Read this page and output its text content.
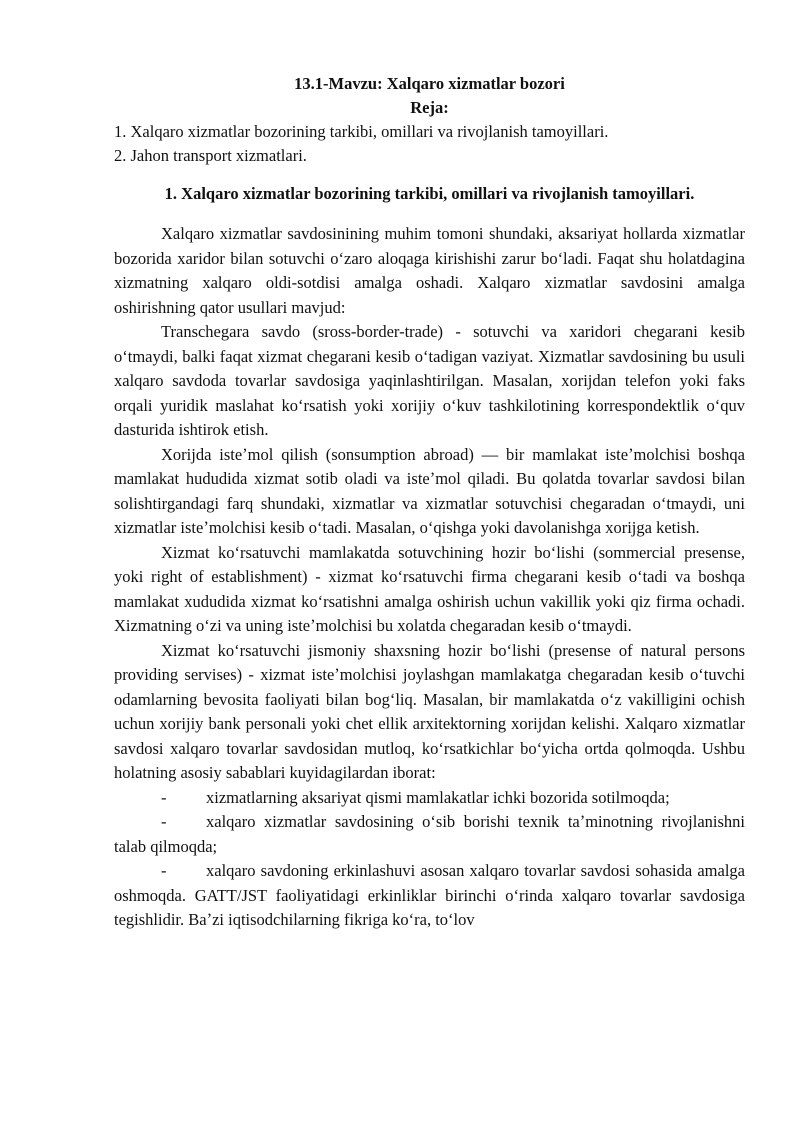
13.1-Mavzu: Xalqaro xizmatlar bozori
Reja:
1. Xalqaro xizmatlar bozorining tarkibi, omillari va rivojlanish tamoyillari.
2. Jahon transport xizmatlari.
1. Xalqaro xizmatlar bozorining tarkibi, omillari va rivojlanish tamoyillari.

Xalqaro xizmatlar savdosinining muhim tomoni shundaki, aksariyat hollarda xizmatlar bozorida xaridor bilan sotuvchi oʻzaro aloqaga kirishishi zarur boʻladi. Faqat shu holatdagina xizmatning xalqaro oldi-sotdisi amalga oshadi. Xalqaro xizmatlar savdosini amalga oshirishning qator usullari mavjud:

Transchegara savdo (sross-border-trade) - sotuvchi va xaridori chegarani kesib oʻtmaydi, balki faqat xizmat chegarani kesib oʻtadigan vaziyat. Xizmatlar savdosining bu usuli xalqaro savdoda tovarlar savdosiga yaqinlashtirilgan. Masalan, xorijdan telefon yoki faks orqali yuridik maslahat koʻrsatish yoki xorijiy oʻkuv tashkilotining korrespondektlik oʻquv dasturida ishtirok etish.

Xorijda isteʼmol qilish (sonsumption abroad) — bir mamlakat isteʼmolchisi boshqa mamlakat hududida xizmat sotib oladi va isteʼmol qiladi. Bu qolatda tovarlar savdosi bilan solishtirgandagi farq shundaki, xizmatlar va xizmatlar sotuvchisi chegaradan oʻtmaydi, uni xizmatlar isteʼmolchisi kesib oʻtadi. Masalan, oʻqishga yoki davolanishga xorijga ketish.

Xizmat koʻrsatuvchi mamlakatda sotuvchining hozir boʻlishi (sommercial presense, yoki right of establishment) - xizmat koʻrsatuvchi firma chegarani kesib oʻtadi va boshqa mamlakat xududida xizmat koʻrsatishni amalga oshirish uchun vakillik yoki qiz firma ochadi. Xizmatning oʻzi va uning isteʼmolchisi bu xolatda chegaradan kesib oʻtmaydi.

Xizmat koʻrsatuvchi jismoniy shaxsning hozir boʻlishi (presense of natural persons providing servises) - xizmat isteʼmolchisi joylashgan mamlakatga chegaradan kesib oʻtuvchi odamlarning bevosita faoliyati bilan bogʻliq. Masalan, bir mamlakatda oʻz vakilligini ochish uchun xorijiy bank personali yoki chet ellik arxitektorning xorijdan kelishi. Xalqaro xizmatlar savdosi xalqaro tovarlar savdosidan mutloq, koʻrsatkichlar boʻyicha ortda qolmoqda. Ushbu holatning asosiy sabablari kuyidagilardan iborat:

- xizmatlarning aksariyat qismi mamlakatlar ichki bozorida sotilmoqda;

- xalqaro xizmatlar savdosining oʻsib borishi texnik taʼminotning rivojlanishni talab qilmoqda;

- xalqaro savdoning erkinlashuvi asosan xalqaro tovarlar savdosi sohasida amalga oshmoqda. GATT/JST faoliyatidagi erkinliklar birinchi oʻrinda xalqaro tovarlar savdosiga tegishlidir. Baʼzi iqtisodchilarning fikriga koʻra, toʻlov
